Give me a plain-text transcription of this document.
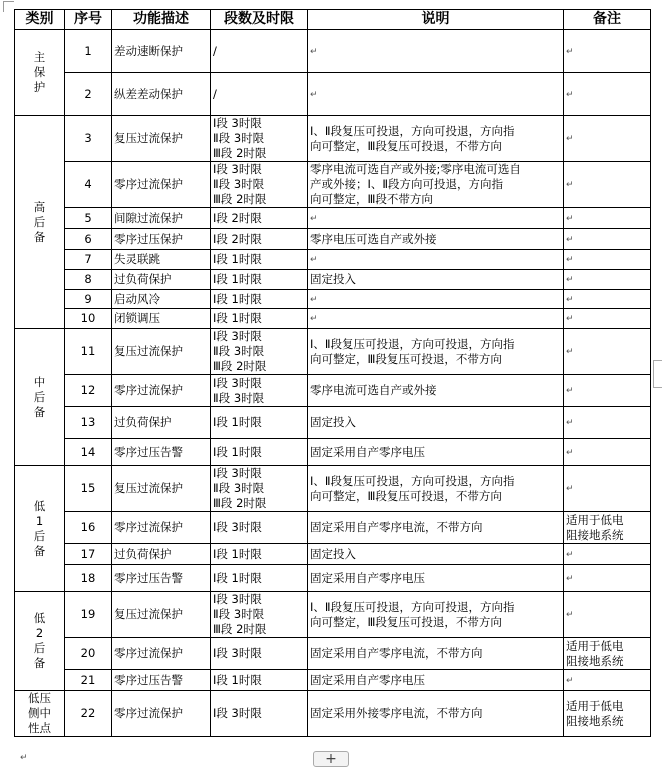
类别	序号	功能描述	段数及时限	说明	备注
主
保
护	1	差动速断保护	/	↵	↵
	2	纵差差动保护	/	↵	↵
高
后
备	3	复压过流保护	Ⅰ段 3时限
Ⅱ段 3时限
Ⅲ段 2时限	Ⅰ、Ⅱ段复压可投退，方向可投退，方向指
向可整定，Ⅲ段复压可投退，不带方向	↵
	4	零序过流保护	Ⅰ段 3时限
Ⅱ段 3时限
Ⅲ段 2时限	零序电流可选自产或外接;零序电流可选自
产或外接；Ⅰ、Ⅱ段方向可投退，方向指
向可整定，Ⅲ段不带方向	↵
	5	间隙过流保护	Ⅰ段 2时限	↵	↵
	6	零序过压保护	Ⅰ段 2时限	零序电压可选自产或外接	↵
	7	失灵联跳	Ⅰ段 1时限	↵	↵
	8	过负荷保护	Ⅰ段 1时限	固定投入	↵
	9	启动风冷	Ⅰ段 1时限	↵	↵
	10	闭锁调压	Ⅰ段 1时限	↵	↵
中
后
备	11	复压过流保护	Ⅰ段 3时限
Ⅱ段 3时限
Ⅲ段 2时限	Ⅰ、Ⅱ段复压可投退，方向可投退，方向指
向可整定，Ⅲ段复压可投退，不带方向	↵
	12	零序过流保护	Ⅰ段 3时限
Ⅱ段 3时限	零序电流可选自产或外接	↵
	13	过负荷保护	Ⅰ段 1时限	固定投入	↵
	14	零序过压告警	Ⅰ段 1时限	固定采用自产零序电压	↵
低
1
后
备	15	复压过流保护	Ⅰ段 3时限
Ⅱ段 3时限
Ⅲ段 2时限	Ⅰ、Ⅱ段复压可投退，方向可投退，方向指
向可整定，Ⅲ段复压可投退，不带方向	↵
	16	零序过流保护	Ⅰ段 3时限	固定采用自产零序电流，不带方向	适用于低电
阻接地系统
	17	过负荷保护	Ⅰ段 1时限	固定投入	↵
	18	零序过压告警	Ⅰ段 1时限	固定采用自产零序电压	↵
低
2
后
备	19	复压过流保护	Ⅰ段 3时限
Ⅱ段 3时限
Ⅲ段 2时限	Ⅰ、Ⅱ段复压可投退，方向可投退，方向指
向可整定，Ⅲ段复压可投退，不带方向	↵
	20	零序过流保护	Ⅰ段 3时限	固定采用自产零序电流，不带方向	适用于低电
阻接地系统
	21	零序过压告警	Ⅰ段 1时限	固定采用自产零序电压	↵
低压
侧中
性点	22	零序过流保护	Ⅰ段 3时限	固定采用外接零序电流，不带方向	适用于低电
阻接地系统
↵
+
